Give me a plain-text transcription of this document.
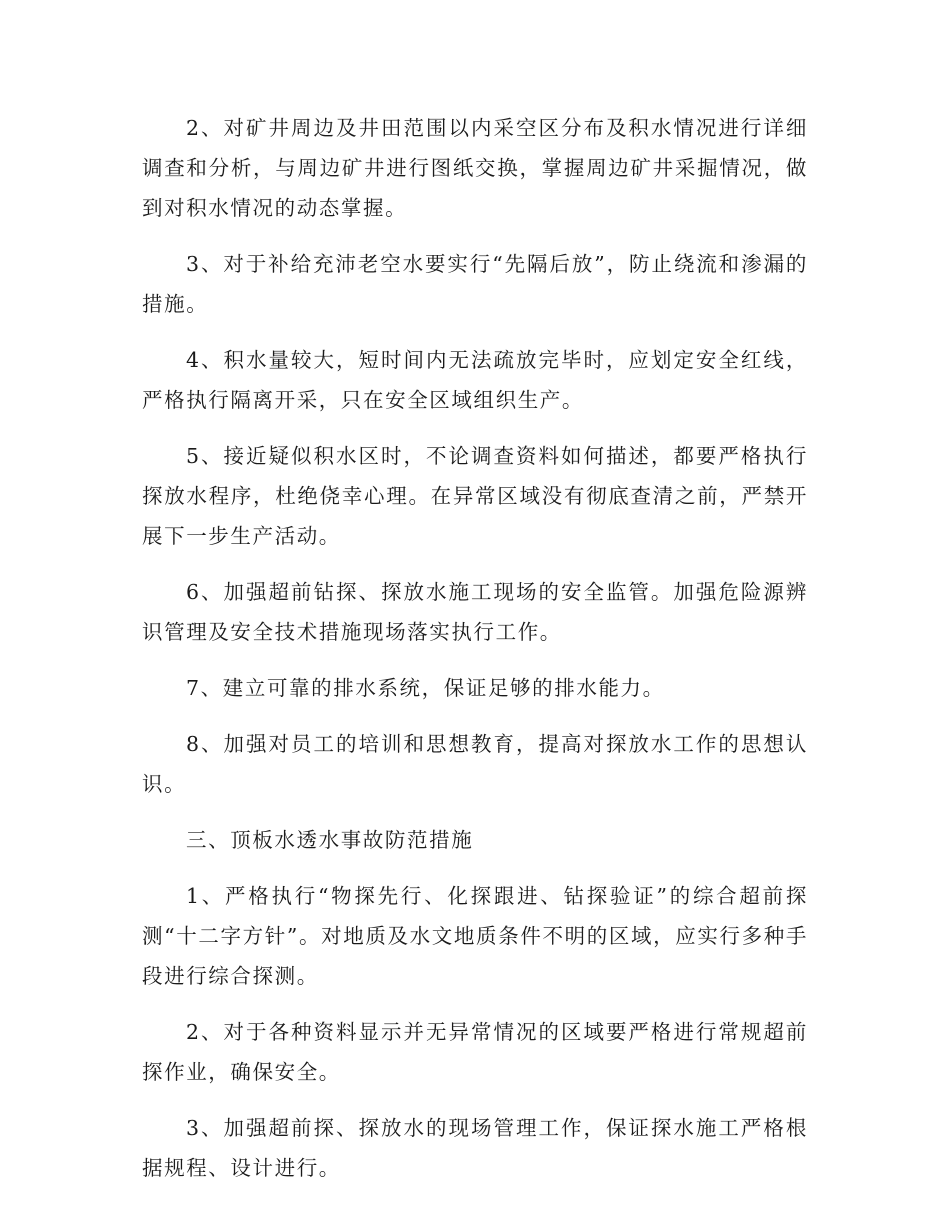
2、对矿井周边及井田范围以内采空区分布及积水情况进行详细调查和分析，与周边矿井进行图纸交换，掌握周边矿井采掘情况，做到对积水情况的动态掌握。

3、对于补给充沛老空水要实行“先隔后放”，防止绕流和渗漏的措施。

4、积水量较大，短时间内无法疏放完毕时，应划定安全红线，严格执行隔离开采，只在安全区域组织生产。

5、接近疑似积水区时，不论调查资料如何描述，都要严格执行探放水程序，杜绝侥幸心理。在异常区域没有彻底查清之前，严禁开展下一步生产活动。

6、加强超前钻探、探放水施工现场的安全监管。加强危险源辨识管理及安全技术措施现场落实执行工作。

7、建立可靠的排水系统，保证足够的排水能力。

8、加强对员工的培训和思想教育，提高对探放水工作的思想认识。

三、顶板水透水事故防范措施

1、严格执行“物探先行、化探跟进、钻探验证”的综合超前探测“十二字方针”。对地质及水文地质条件不明的区域，应实行多种手段进行综合探测。

2、对于各种资料显示并无异常情况的区域要严格进行常规超前探作业，确保安全。

3、加强超前探、探放水的现场管理工作，保证探水施工严格根据规程、设计进行。
